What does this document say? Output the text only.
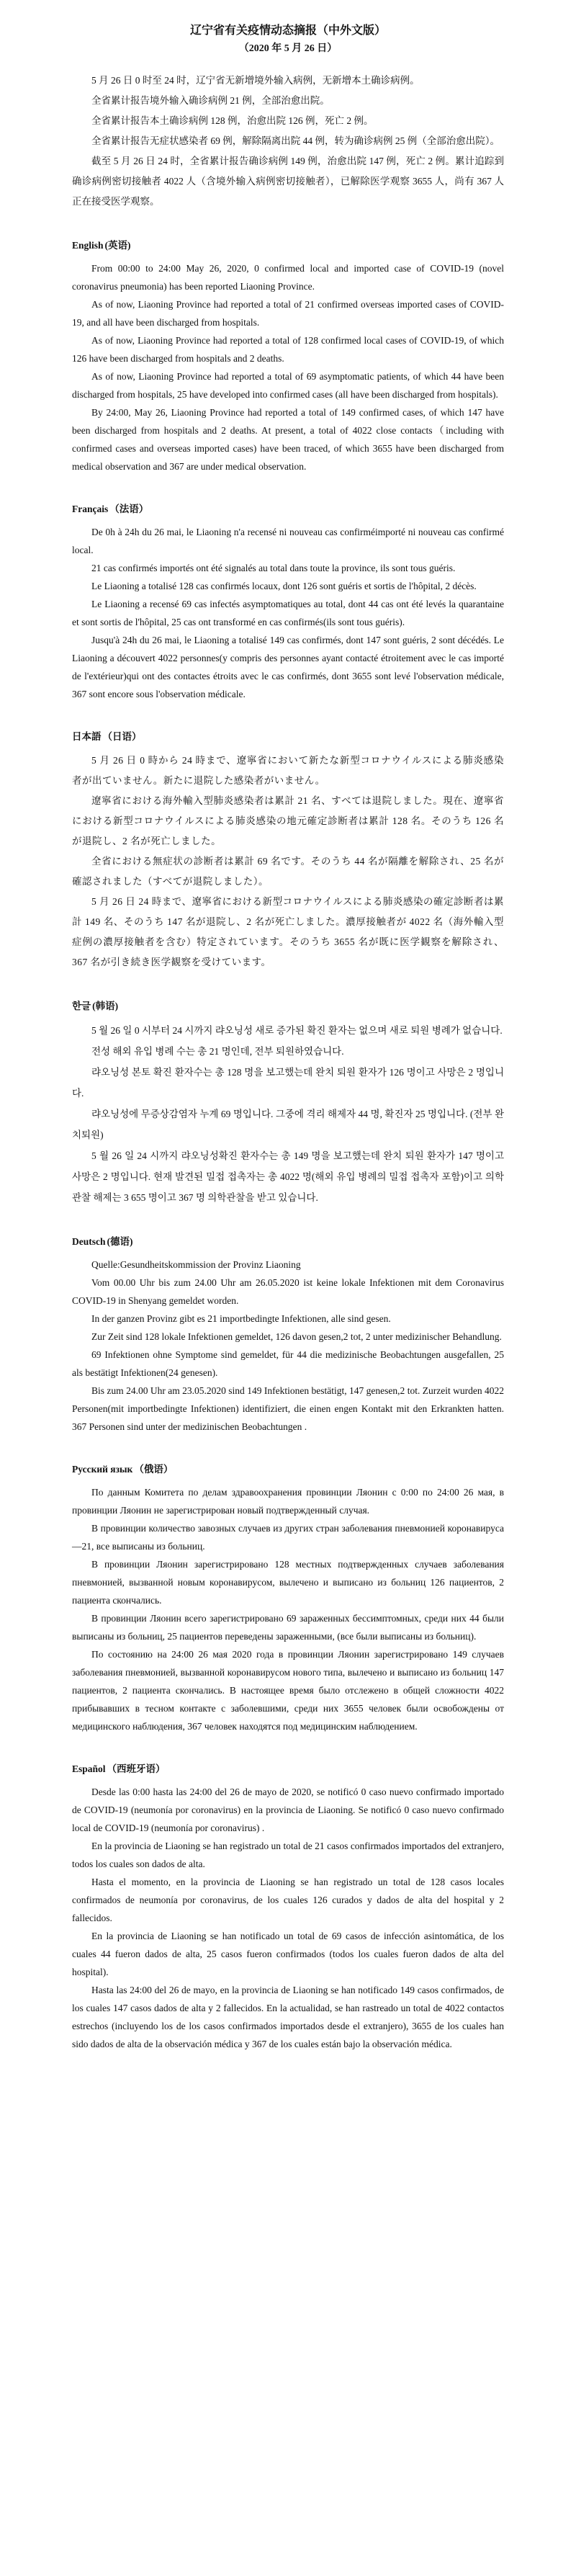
辽宁省有关疫情动态摘报（中外文版）
（2020 年 5 月 26 日）

5 月 26 日 0 时至 24 时，辽宁省无新增境外输入病例，无新增本土确诊病例。

全省累计报告境外输入确诊病例 21 例，全部治愈出院。

全省累计报告本土确诊病例 128 例，治愈出院 126 例，死亡 2 例。

全省累计报告无症状感染者 69 例，解除隔离出院 44 例，转为确诊病例 25 例（全部治愈出院）。

截至 5 月 26 日 24 时，全省累计报告确诊病例 149 例，治愈出院 147 例，死亡 2 例。累计追踪到确诊病例密切接触者 4022 人（含境外输入病例密切接触者），已解除医学观察 3655 人，尚有 367 人正在接受医学观察。

English (英语)

From 00:00 to 24:00 May 26, 2020, 0 confirmed local and imported case of COVID-19 (novel coronavirus pneumonia) has been reported Liaoning Province.

As of now, Liaoning Province had reported a total of 21 confirmed overseas imported cases of COVID-19, and all have been discharged from hospitals.

As of now, Liaoning Province had reported a total of 128 confirmed local cases of COVID-19, of which 126 have been discharged from hospitals and 2 deaths.

As of now, Liaoning Province had reported a total of 69 asymptomatic patients, of which 44 have been discharged from hospitals, 25 have developed into confirmed cases (all have been discharged from hospitals).

By 24:00, May 26, Liaoning Province had reported a total of 149 confirmed cases, of which 147 have been discharged from hospitals and 2 deaths. At present, a total of 4022 close contacts（including with confirmed cases and overseas imported cases) have been traced, of which 3655 have been discharged from medical observation and 367 are under medical observation.

Français （法语）

De 0h à 24h du 26 mai, le Liaoning n'a recensé ni nouveau cas confirméimporté ni nouveau cas confirmé local.

21 cas confirmés importés ont été signalés au total dans toute la province, ils sont tous guéris.

Le Liaoning a totalisé 128 cas confirmés locaux, dont 126 sont guéris et sortis de l'hôpital, 2 décès.

Le Liaoning a recensé 69 cas infectés asymptomatiques au total, dont 44 cas ont été levés la quarantaine et sont sortis de l'hôpital, 25 cas ont transformé en cas confirmés(ils sont tous guéris).

Jusqu'à 24h du 26 mai, le Liaoning a totalisé 149 cas confirmés, dont 147 sont guéris, 2 sont décédés. Le Liaoning a découvert 4022 personnes(y compris des personnes ayant contacté étroitement avec le cas importé de l'extérieur)qui ont des contactes étroits avec le cas confirmés, dont 3655 sont levé l'observation médicale, 367 sont encore sous l'observation médicale.

日本語 （日语）

5 月 26 日 0 時から 24 時まで、遼寧省において新たな新型コロナウイルスによる肺炎感染者が出ていません。新たに退院した感染者がいません。

遼寧省における海外輸入型肺炎感染者は累計 21 名、すべては退院しました。現在、遼寧省における新型コロナウイルスによる肺炎感染の地元確定診断者は累計 128 名。そのうち 126 名が退院し、2 名が死亡しました。

全省における無症状の診断者は累計 69 名です。そのうち 44 名が隔離を解除され、25 名が確認されました（すべてが退院しました）。

5 月 26 日 24 時まで、遼寧省における新型コロナウイルスによる肺炎感染の確定診断者は累計 149 名、そのうち 147 名が退院し、2 名が死亡しました。濃厚接触者が 4022 名（海外輸入型症例の濃厚接触者を含む）特定されています。そのうち 3655 名が既に医学観察を解除され、367 名が引き続き医学観察を受けています。

한글 (韩语)

5 월 26 일 0 시부터 24 시까지 랴오닝성 새로 증가된 확진 환자는 없으며 새로 퇴원 병례가 없습니다.

전성 해외 유입 병례 수는 총 21 명인데, 전부 퇴원하였습니다.

랴오닝성 본토 확진 환자수는 총 128 명을 보고했는데 완치 퇴원 환자가 126 명이고 사망은 2 명입니다.

랴오닝성에 무증상감염자 누계 69 명입니다. 그중에 격리 해제자 44 명, 확진자 25 명입니다. (전부 완치퇴원)

5 월 26 일 24 시까지 랴오닝성확진 환자수는 총 149 명을 보고했는데 완치 퇴원 환자가 147 명이고 사망은 2 명입니다. 현재 발견된 밀접 접촉자는 총 4022 명(해외 유입 병례의 밀접 접촉자 포함)이고 의학 관찰 해제는 3 655 명이고 367 명 의학관찰을 받고 있습니다.

Deutsch (德语)

Quelle:Gesundheitskommission der Provinz Liaoning

Vom 00.00 Uhr bis zum 24.00 Uhr am 26.05.2020 ist keine lokale Infektionen mit dem Coronavirus COVID-19 in Shenyang gemeldet worden.

In der ganzen Provinz gibt es 21 importbedingte Infektionen, alle sind gesen.

Zur Zeit sind 128 lokale Infektionen gemeldet, 126 davon gesen,2 tot, 2 unter medizinischer Behandlung.

69 Infektionen ohne Symptome sind gemeldet, für 44 die medizinische Beobachtungen ausgefallen, 25 als bestätigt Infektionen(24 genesen).

Bis zum 24.00 Uhr am 23.05.2020 sind 149 Infektionen bestätigt, 147 genesen,2 tot. Zurzeit wurden 4022 Personen(mit importbedingte Infektionen) identifiziert, die einen engen Kontakt mit den Erkrankten hatten. 367 Personen sind unter der medizinischen Beobachtungen .

Русский язык （俄语）

По данным Комитета по делам здравоохранения провинции Ляонин с 0:00 по 24:00 26 мая, в провинции Ляонин не зарегистрирован новый подтвержденный случая.

В провинции количество завозных случаев из других стран заболевания пневмонией коронавируса—21, все выписаны из больниц.

В провинции Ляонин зарегистрировано 128 местных подтвержденных случаев заболевания пневмонией, вызванной новым коронавирусом, вылечено и выписано из больниц 126 пациентов, 2 пациента скончались.

В провинции Ляонин всего зарегистрировано 69 зараженных бессимптомных, среди них 44 были выписаны из больниц, 25 пациентов переведены зараженными, (все были выписаны из больниц).

По состоянию на 24:00 26 мая 2020 года в провинции Ляонин зарегистрировано 149 случаев заболевания пневмонией, вызванной коронавирусом нового типа, вылечено и выписано из больниц 147 пациентов, 2 пациента скончались. В настоящее время было отслежено в общей сложности 4022 прибывавших в тесном контакте с заболевшими, среди них 3655 человек были освобождены от медицинского наблюдения, 367 человек находятся под медицинским наблюдением.

Español （西班牙语）

Desde las 0:00 hasta las 24:00 del 26 de mayo de 2020, se notificó 0 caso nuevo confirmado importado de COVID-19 (neumonía por coronavirus) en la provincia de Liaoning. Se notificó 0 caso nuevo confirmado local de COVID-19 (neumonía por coronavirus) .

En la provincia de Liaoning se han registrado un total de 21 casos confirmados importados del extranjero, todos los cuales son dados de alta.

Hasta el momento, en la provincia de Liaoning se han registrado un total de 128 casos locales confirmados de neumonía por coronavirus, de los cuales 126 curados y dados de alta del hospital y 2 fallecidos.

En la provincia de Liaoning se han notificado un total de 69 casos de infección asintomática, de los cuales 44 fueron dados de alta, 25 casos fueron confirmados (todos los cuales fueron dados de alta del hospital).

Hasta las 24:00 del 26 de mayo, en la provincia de Liaoning se han notificado 149 casos confirmados, de los cuales 147 casos dados de alta y 2 fallecidos. En la actualidad, se han rastreado un total de 4022 contactos estrechos (incluyendo los de los casos confirmados importados desde el extranjero), 3655 de los cuales han sido dados de alta de la observación médica y 367 de los cuales están bajo la observación médica.
